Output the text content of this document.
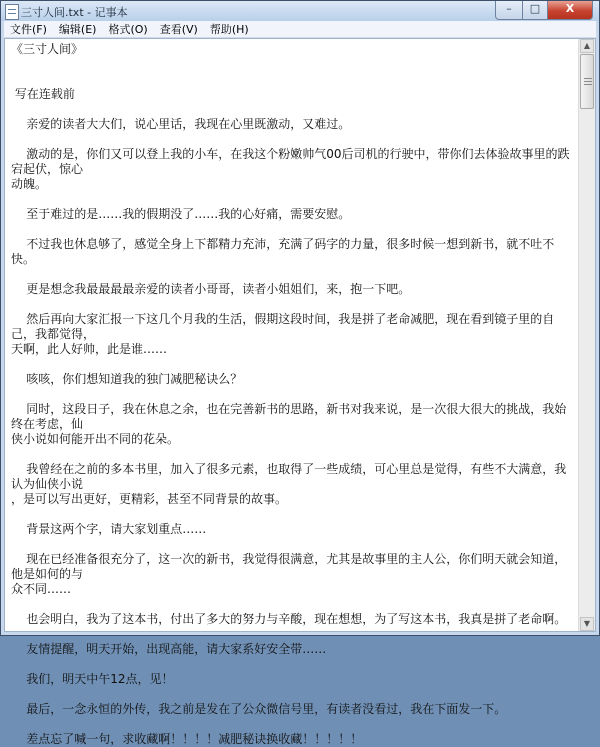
三寸人间.txt - 记事本	–	□	X
文件(F)	编辑(E)	格式(O)	查看(V)	帮助(H)

《三寸人间》

写在连载前

亲爱的读者大大们，说心里话，我现在心里既激动，又难过。

激动的是，你们又可以登上我的小车，在我这个粉嫩帅气00后司机的行驶中，带你们去体验故事里的跌宕起伏，惊心

动魄。

至于难过的是……我的假期没了……我的心好痛，需要安慰。

不过我也休息够了，感觉全身上下都精力充沛，充满了码字的力量，很多时候一想到新书，就不吐不快。

更是想念我最最最最亲爱的读者小哥哥，读者小姐姐们，来，抱一下吧。

然后再向大家汇报一下这几个月我的生活，假期这段时间，我是拼了老命减肥，现在看到镜子里的自己，我都觉得，

天啊，此人好帅，此是谁……

咳咳，你们想知道我的独门减肥秘诀么？

同时，这段日子，我在休息之余，也在完善新书的思路，新书对我来说，是一次很大很大的挑战，我始终在考虑，仙

侠小说如何能开出不同的花朵。

我曾经在之前的多本书里，加入了很多元素，也取得了一些成绩，可心里总是觉得，有些不大满意，我认为仙侠小说

，是可以写出更好，更精彩，甚至不同背景的故事。

背景这两个字，请大家划重点……

现在已经准备很充分了，这一次的新书，我觉得很满意，尤其是故事里的主人公，你们明天就会知道，他是如何的与

众不同……

也会明白，我为了这本书，付出了多大的努力与辛酸，现在想想，为了写这本书，我真是拼了老命啊。

友情提醒，明天开始，出现高能，请大家系好安全带……

我们，明天中午12点，见！

最后，一念永恒的外传，我之前是发在了公众微信号里，有读者没看过，我在下面发一下。

差点忘了喊一句，求收藏啊！！！！减肥秘诀换收藏！！！！！

▲
▼
